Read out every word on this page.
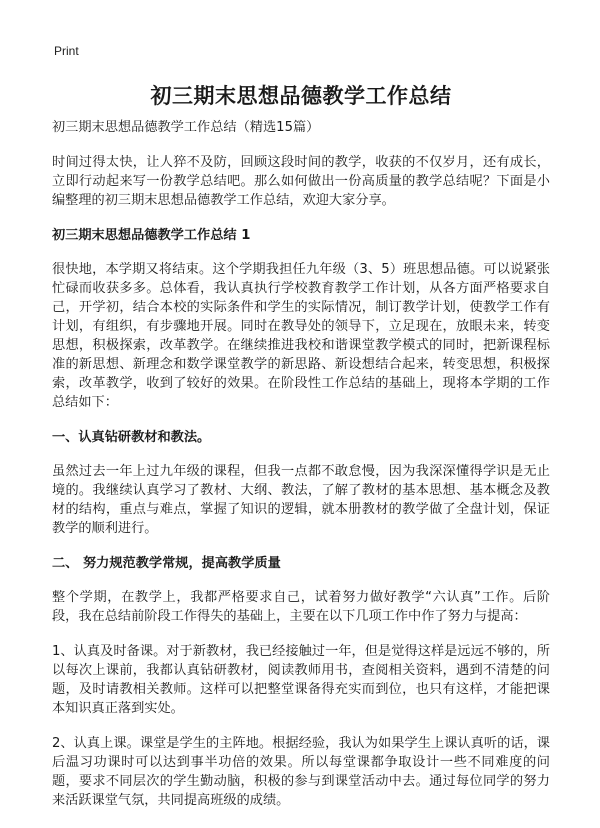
Print
初三期末思想品德教学工作总结

初三期末思想品德教学工作总结（精选15篇）

时间过得太快，让人猝不及防，回顾这段时间的教学，收获的不仅岁月，还有成长，立即行动起来写一份教学总结吧。那么如何做出一份高质量的教学总结呢？下面是小编整理的初三期末思想品德教学工作总结，欢迎大家分享。

初三期末思想品德教学工作总结 1

很快地，本学期又将结束。这个学期我担任九年级（3、5）班思想品德。可以说紧张忙碌而收获多多。总体看，我认真执行学校教育教学工作计划，从各方面严格要求自己，开学初，结合本校的实际条件和学生的实际情况，制订教学计划，使教学工作有计划，有组织，有步骤地开展。同时在教导处的领导下，立足现在，放眼未来，转变思想，积极探索，改革教学。在继续推进我校和谐课堂教学模式的同时，把新课程标准的新思想、新理念和数学课堂教学的新思路、新设想结合起来，转变思想，积极探索，改革教学，收到了较好的效果。在阶段性工作总结的基础上，现将本学期的工作总结如下：

一、认真钻研教材和教法。

虽然过去一年上过九年级的课程，但我一点都不敢怠慢，因为我深深懂得学识是无止境的。我继续认真学习了教材、大纲、教法，了解了教材的基本思想、基本概念及教材的结构，重点与难点，掌握了知识的逻辑，就本册教材的教学做了全盘计划，保证教学的顺利进行。

二、 努力规范教学常规，提高教学质量

整个学期，在教学上，我都严格要求自己，试着努力做好教学“六认真”工作。后阶段，我在总结前阶段工作得失的基础上，主要在以下几项工作中作了努力与提高：

1、认真及时备课。对于新教材，我已经接触过一年，但是觉得这样是远远不够的，所以每次上课前，我都认真钻研教材，阅读教师用书，查阅相关资料，遇到不清楚的问题，及时请教相关教师。这样可以把整堂课备得充实而到位，也只有这样，才能把课本知识真正落到实处。

2、认真上课。课堂是学生的主阵地。根据经验，我认为如果学生上课认真听的话，课后温习功课时可以达到事半功倍的效果。所以每堂课都争取设计一些不同难度的问题，要求不同层次的学生勤动脑，积极的参与到课堂活动中去。通过每位同学的努力来活跃课堂气氛，共同提高班级的成绩。
